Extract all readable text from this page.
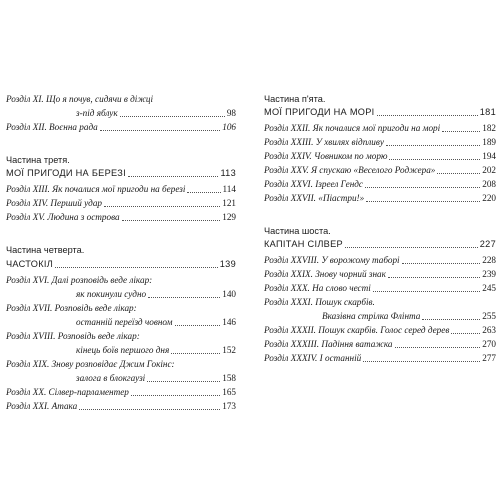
Розділ XI. Що я почув, сидячи в діжці
з-під яблук	98
Розділ XII. Воєнна рада	106
Частина третя.
МОЇ ПРИГОДИ НА БЕРЕЗІ	113
Розділ XIII. Як почалися мої пригоди на березі	114
Розділ XIV. Перший удар	121
Розділ XV. Людина з острова	129
Частина четверта.
ЧАСТОКІЛ	139
Розділ XVI. Далі розповідь веде лікар:
як покинули судно	140
Розділ XVII. Розповідь веде лікар:
останній переїзд човном	146
Розділ XVIII. Розповідь веде лікар:
кінець боїв першого дня	152
Розділ XIX. Знову розповідає Джим Гокінс:
залога в блокгаузі	158
Розділ XX. Сілвер-парламентер	165
Розділ XXI. Атака	173
Частина п'ята.
МОЇ ПРИГОДИ НА МОРІ	181
Розділ XXII. Як почалися мої пригоди на морі	182
Розділ XXIII. У хвилях відпливу	189
Розділ XXIV. Човником по морю	194
Розділ XXV. Я спускаю «Веселого Роджера»	202
Розділ XXVI. Ізреел Гендс	208
Розділ XXVII. «Піастри!»	220
Частина шоста.
КАПІТАН СІЛВЕР	227
Розділ XXVIII. У ворожому таборі	228
Розділ XXIX. Знову чорний знак	239
Розділ XXX. На слово честі	245
Розділ XXXI. Пошук скарбів.
Вказівна стрілка Флінта	255
Розділ XXXII. Пошук скарбів. Голос серед дерев	263
Розділ XXXIII. Падіння ватажка	270
Розділ XXXIV. І останній	277
